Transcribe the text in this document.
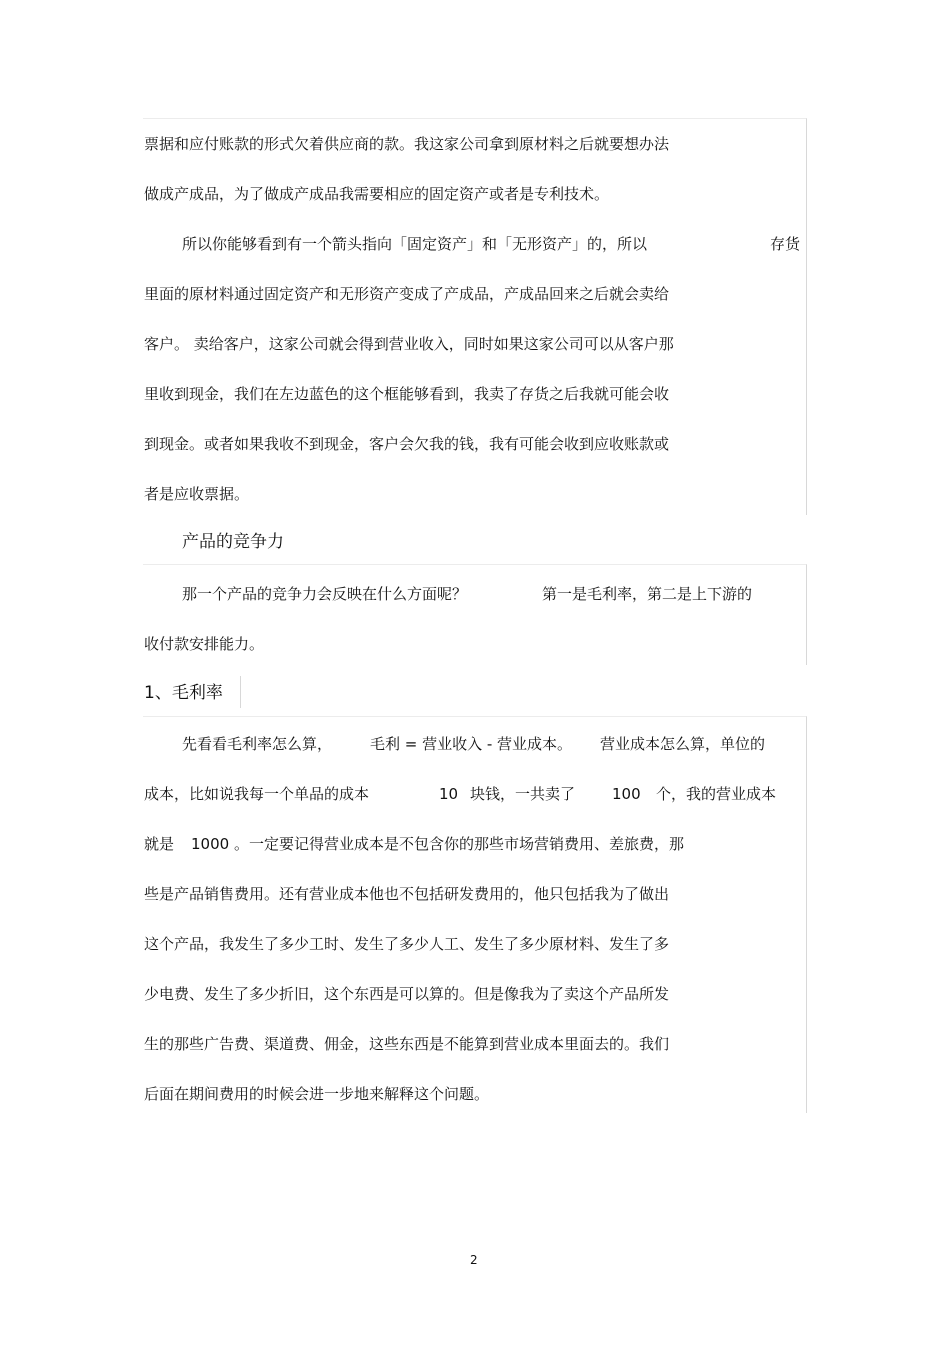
票据和应付账款的形式欠着供应商的款。我这家公司拿到原材料之后就要想办法
做成产成品，为了做成产成品我需要相应的固定资产或者是专利技术。
所以你能够看到有一个箭头指向「固定资产」和「无形资产」的，所以	存货
里面的原材料通过固定资产和无形资产变成了产成品，产成品回来之后就会卖给
客户。 卖给客户，这家公司就会得到营业收入，同时如果这家公司可以从客户那
里收到现金，我们在左边蓝色的这个框能够看到，我卖了存货之后我就可能会收
到现金。或者如果我收不到现金，客户会欠我的钱，我有可能会收到应收账款或
者是应收票据。
产品的竞争力
那一个产品的竞争力会反映在什么方面呢？	第一是毛利率，第二是上下游的
收付款安排能力。
1、毛利率
先看看毛利率怎么算，	毛利 = 营业收入 - 营业成本。 营业成本怎么算，单位的
成本，比如说我每一个单品的成本	10 块钱，一共卖了 100 个，我的营业成本
就是 1000 。一定要记得营业成本是不包含你的那些市场营销费用、差旅费，那
些是产品销售费用。还有营业成本他也不包括研发费用的，他只包括我为了做出
这个产品，我发生了多少工时、发生了多少人工、发生了多少原材料、发生了多
少电费、发生了多少折旧，这个东西是可以算的。但是像我为了卖这个产品所发
生的那些广告费、渠道费、佣金，这些东西是不能算到营业成本里面去的。我们
后面在期间费用的时候会进一步地来解释这个问题。
2
